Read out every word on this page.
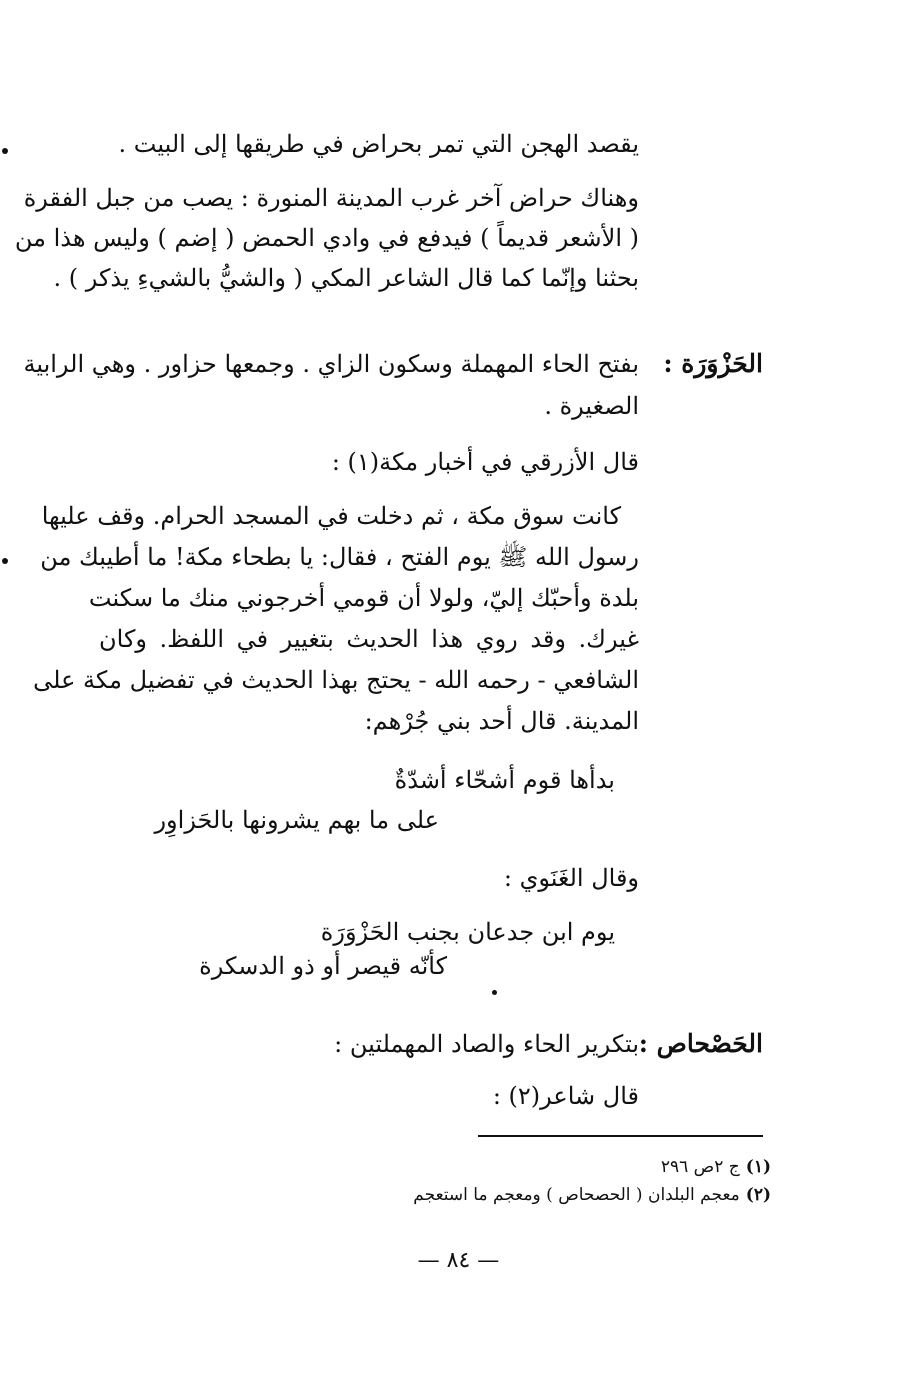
يقصد الهجن التي تمر بحراض في طريقها إلى البيت .
وهناك حراض آخر غرب المدينة المنورة : يصب من جبل الفقرة
( الأشعر قديماً ) فيدفع في وادي الحمض ( إضم ) وليس هذا من
بحثنا وإنّما كما قال الشاعر المكي ( والشيُّ بالشيءِ يذكر ) .
الحَزْوَرَة :
بفتح الحاء المهملة وسكون الزاي . وجمعها حزاور . وهي الرابية
الصغيرة .
قال الأزرقي في أخبار مكة(١) :
كانت سوق مكة ، ثم دخلت في المسجد الحرام. وقف عليها
رسول الله ﷺ يوم الفتح ، فقال: يا بطحاء مكة! ما أطيبك من
بلدة وأحبّك إليّ، ولولا أن قومي أخرجوني منك ما سكنت
غيرك. وقد روي هذا الحديث بتغيير في اللفظ. وكان
الشافعي - رحمه الله - يحتج بهذا الحديث في تفضيل مكة على
المدينة. قال أحد بني جُرْهم:
بدأها قوم أشحّاء أشدّةٌ
على ما بهم يشرونها بالحَزاوِر
وقال الغَنَوي :
يوم ابن جدعان بجنب الحَزْوَرَة
كأنّه قيصر أو ذو الدسكرة
الحَصْحاص :
بتكرير الحاء والصاد المهملتين :
قال شاعر(٢) :
(١)ج ٢ص ٢٩٦
(٢)معجم البلدان ( الحصحاص ) ومعجم ما استعجم
— ٨٤ —
